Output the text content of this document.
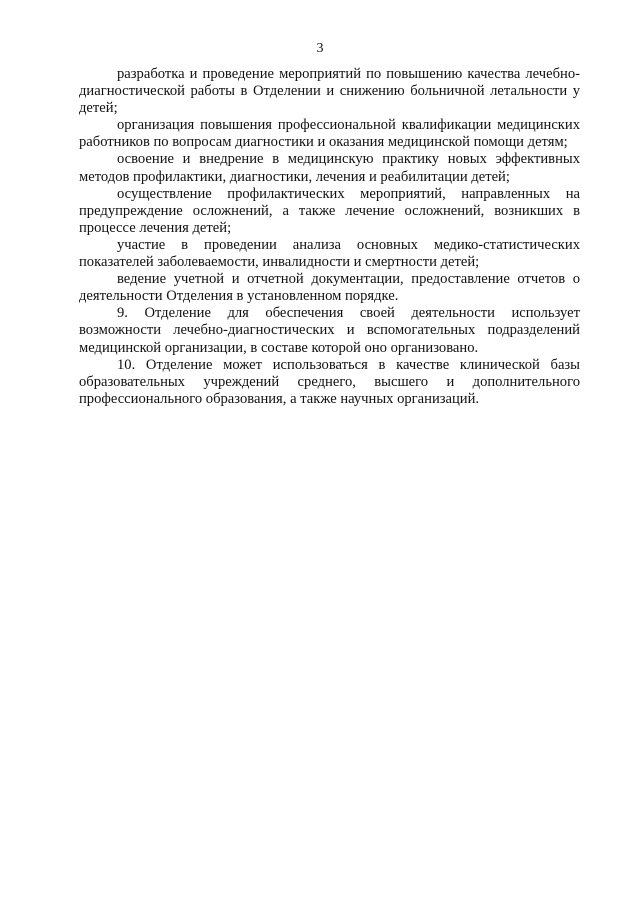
3

разработка и проведение мероприятий по повышению качества лечебно-диагностической работы в Отделении и снижению больничной летальности у детей;

организация повышения профессиональной квалификации медицинских работников по вопросам диагностики и оказания медицинской помощи детям;

освоение и внедрение в медицинскую практику новых эффективных методов профилактики, диагностики, лечения и реабилитации детей;

осуществление профилактических мероприятий, направленных на предупреждение осложнений, а также лечение осложнений, возникших в процессе лечения детей;

участие в проведении анализа основных медико-статистических показателей заболеваемости, инвалидности и смертности детей;

ведение учетной и отчетной документации, предоставление отчетов о деятельности Отделения в установленном порядке.

9. Отделение для обеспечения своей деятельности использует возможности лечебно-диагностических и вспомогательных подразделений медицинской организации, в составе которой оно организовано.

10. Отделение может использоваться в качестве клинической базы образовательных учреждений среднего, высшего и дополнительного профессионального образования, а также научных организаций.
